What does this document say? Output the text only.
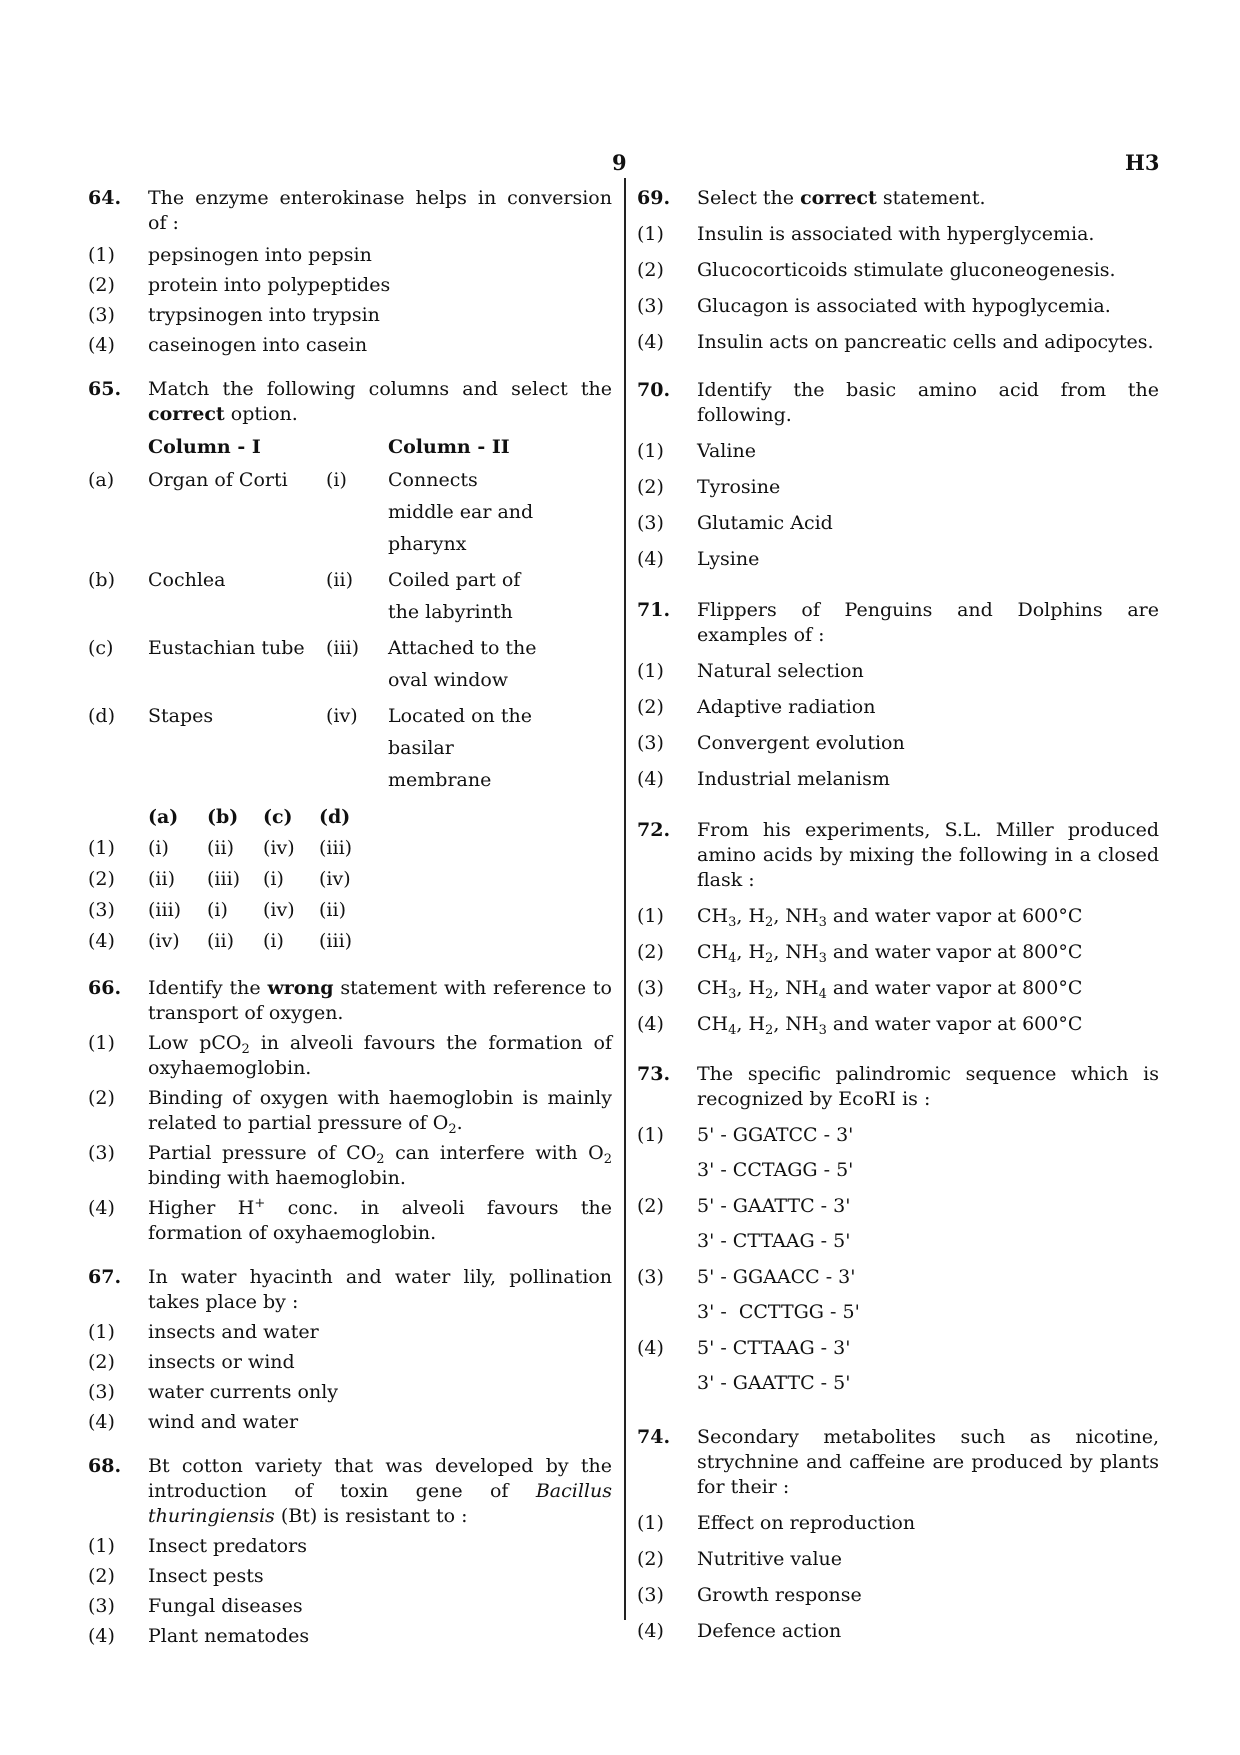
9	H3
64. The enzyme enterokinase helps in conversion of :
(1) pepsinogen into pepsin
(2) protein into polypeptides
(3) trypsinogen into trypsin
(4) caseinogen into casein
65. Match the following columns and select the correct option.
	Column - I		Column - II
(a)	Organ of Corti	(i)	Connects middle ear and pharynx
(b)	Cochlea	(ii)	Coiled part of the labyrinth
(c)	Eustachian tube	(iii)	Attached to the oval window
(d)	Stapes	(iv)	Located on the basilar membrane
	(a)	(b)	(c)	(d)
(1)	(i)	(ii)	(iv)	(iii)
(2)	(ii)	(iii)	(i)	(iv)
(3)	(iii)	(i)	(iv)	(ii)
(4)	(iv)	(ii)	(i)	(iii)
66. Identify the wrong statement with reference to transport of oxygen.
(1) Low pCO$_2$ in alveoli favours the formation of oxyhaemoglobin.
(2) Binding of oxygen with haemoglobin is mainly related to partial pressure of $O_2$.
(3) Partial pressure of $CO_2$ can interfere with $O_2$ binding with haemoglobin.
(4) Higher H+ conc. in alveoli favours the formation of oxyhaemoglobin.
67. In water hyacinth and water lily, pollination takes place by :
(1) insects and water
(2) insects or wind
(3) water currents only
(4) wind and water
68. Bt cotton variety that was developed by the introduction of toxin gene of Bacillus thuringiensis (Bt) is resistant to :
(1) Insect predators
(2) Insect pests
(3) Fungal diseases
(4) Plant nematodes
69. Select the correct statement.
(1) Insulin is associated with hyperglycemia.
(2) Glucocorticoids stimulate gluconeogenesis.
(3) Glucagon is associated with hypoglycemia.
(4) Insulin acts on pancreatic cells and adipocytes.
70. Identify the basic amino acid from the following.
(1) Valine
(2) Tyrosine
(3) Glutamic Acid
(4) Lysine
71. Flippers of Penguins and Dolphins are examples of :
(1) Natural selection
(2) Adaptive radiation
(3) Convergent evolution
(4) Industrial melanism
72. From his experiments, S.L. Miller produced amino acids by mixing the following in a closed flask :
(1) $CH_3$, $H_2$, $NH_3$ and water vapor at 600°C
(2) $CH_4$, $H_2$, $NH_3$ and water vapor at 800°C
(3) $CH_3$, $H_2$, $NH_4$ and water vapor at 800°C
(4) $CH_4$, $H_2$, $NH_3$ and water vapor at 600°C
73. The specific palindromic sequence which is recognized by EcoRI is :
(1) 5' - GGATCC - 3'
3' - CCTAGG - 5'
(2) 5' - GAATTC - 3'
3' - CTTAAG - 5'
(3) 5' - GGAACC - 3'
3' -  CCTTGG - 5'
(4) 5' - CTTAAG - 3'
3' - GAATTC - 5'
74. Secondary metabolites such as nicotine, strychnine and caffeine are produced by plants for their :
(1) Effect on reproduction
(2) Nutritive value
(3) Growth response
(4) Defence action
